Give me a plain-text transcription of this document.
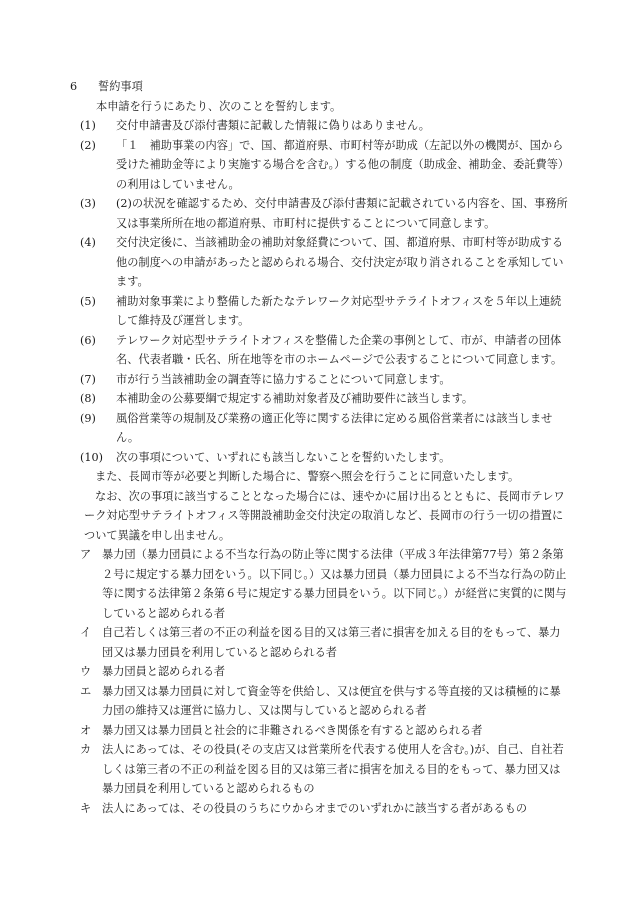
6	誓約事項
本申請を行うにあたり、次のことを誓約します。
(1)	交付申請書及び添付書類に記載した情報に偽りはありません。
(2)	「１　補助事業の内容」で、国、都道府県、市町村等が助成（左記以外の機関が、国から受けた補助金等により実施する場合を含む。）する他の制度（助成金、補助金、委託費等）の利用はしていません。
(3)	(2)の状況を確認するため、交付申請書及び添付書類に記載されている内容を、国、事務所又は事業所所在地の都道府県、市町村に提供することについて同意します。
(4)	交付決定後に、当該補助金の補助対象経費について、国、都道府県、市町村等が助成する他の制度への申請があったと認められる場合、交付決定が取り消されることを承知しています。
(5)	補助対象事業により整備した新たなテレワーク対応型サテライトオフィスを５年以上連続して維持及び運営します。
(6)	テレワーク対応型サテライトオフィスを整備した企業の事例として、市が、申請者の団体名、代表者職・氏名、所在地等を市のホームページで公表することについて同意します。
(7)	市が行う当該補助金の調査等に協力することについて同意します。
(8)	本補助金の公募要綱で規定する補助対象者及び補助要件に該当します。
(9)	風俗営業等の規制及び業務の適正化等に関する法律に定める風俗営業者には該当しません。
(10)	次の事項について、いずれにも該当しないことを誓約いたします。
また、長岡市等が必要と判断した場合に、警察へ照会を行うことに同意いたします。
なお、次の事項に該当することとなった場合には、速やかに届け出るとともに、長岡市テレワーク対応型サテライトオフィス等開設補助金交付決定の取消しなど、長岡市の行う一切の措置について異議を申し出ません。
ア 暴力団（暴力団員による不当な行為の防止等に関する法律（平成３年法律第77号）第２条第２号に規定する暴力団をいう。以下同じ。）又は暴力団員（暴力団員による不当な行為の防止等に関する法律第２条第６号に規定する暴力団員をいう。以下同じ。）が経営に実質的に関与していると認められる者
イ 自己若しくは第三者の不正の利益を図る目的又は第三者に損害を加える目的をもって、暴力団又は暴力団員を利用していると認められる者
ウ 暴力団員と認められる者
エ 暴力団又は暴力団員に対して資金等を供給し、又は便宜を供与する等直接的又は積極的に暴力団の維持又は運営に協力し、又は関与していると認められる者
オ 暴力団又は暴力団員と社会的に非難されるべき関係を有すると認められる者
カ 法人にあっては、その役員(その支店又は営業所を代表する使用人を含む。)が、自己、自社若しくは第三者の不正の利益を図る目的又は第三者に損害を加える目的をもって、暴力団又は暴力団員を利用していると認められるもの
キ 法人にあっては、その役員のうちにウからオまでのいずれかに該当する者があるもの
